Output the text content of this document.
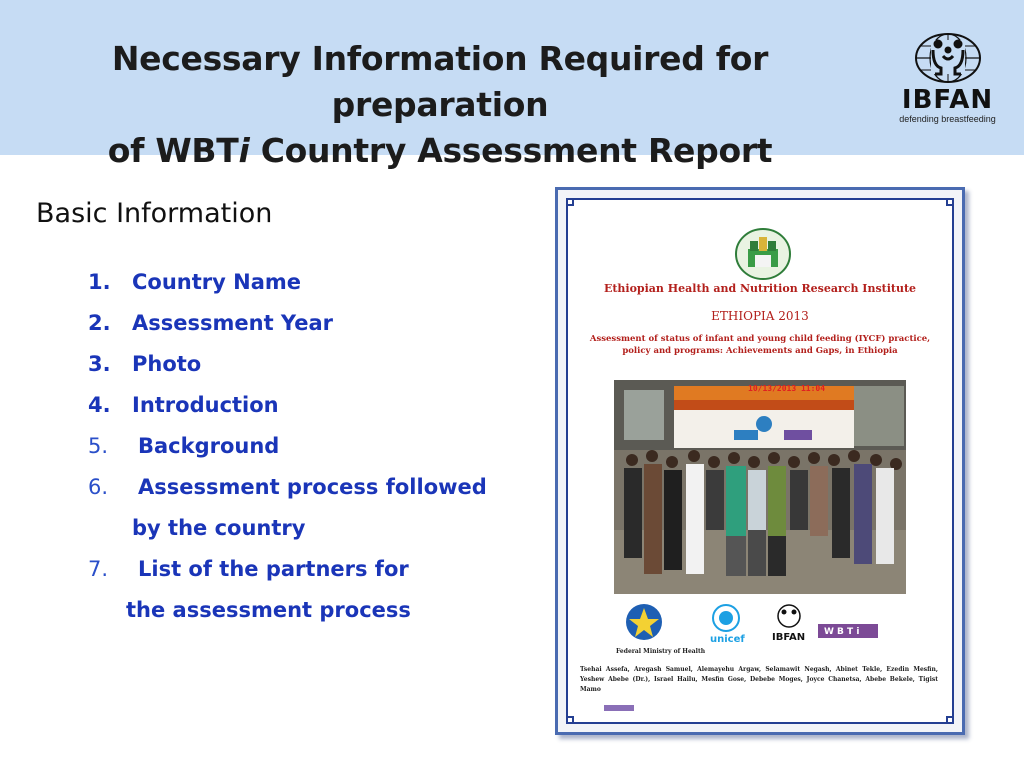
Necessary Information Required for preparation
of WBTi Country Assessment Report
IBFAN
defending breastfeeding
Basic Information
1.	Country Name
2.	Assessment Year
3.	Photo
4.	Introduction
5.	Background
6.	Assessment process followed
by the country
7.	List of the partners for
the assessment process
Ethiopian Health and Nutrition Research Institute
ETHIOPIA 2013
Assessment of status of infant and young child feeding (IYCF) practice, policy and programs: Achievements and Gaps, in Ethiopia
10/13/2013 11:04
unicef	IBFAN W B T i
Federal Ministry of Health
Tsehai Assefa, Aregash Samuel, Alemayehu Argaw, Selamawit Negash, Abinet Tekle, Ezedin Mesfin, Yeshew Abebe (Dr.), Israel Hailu, Mesfin Gose, Debebe Moges, Joyce Chanetsa, Abebe Bekele, Tigist Mamo
